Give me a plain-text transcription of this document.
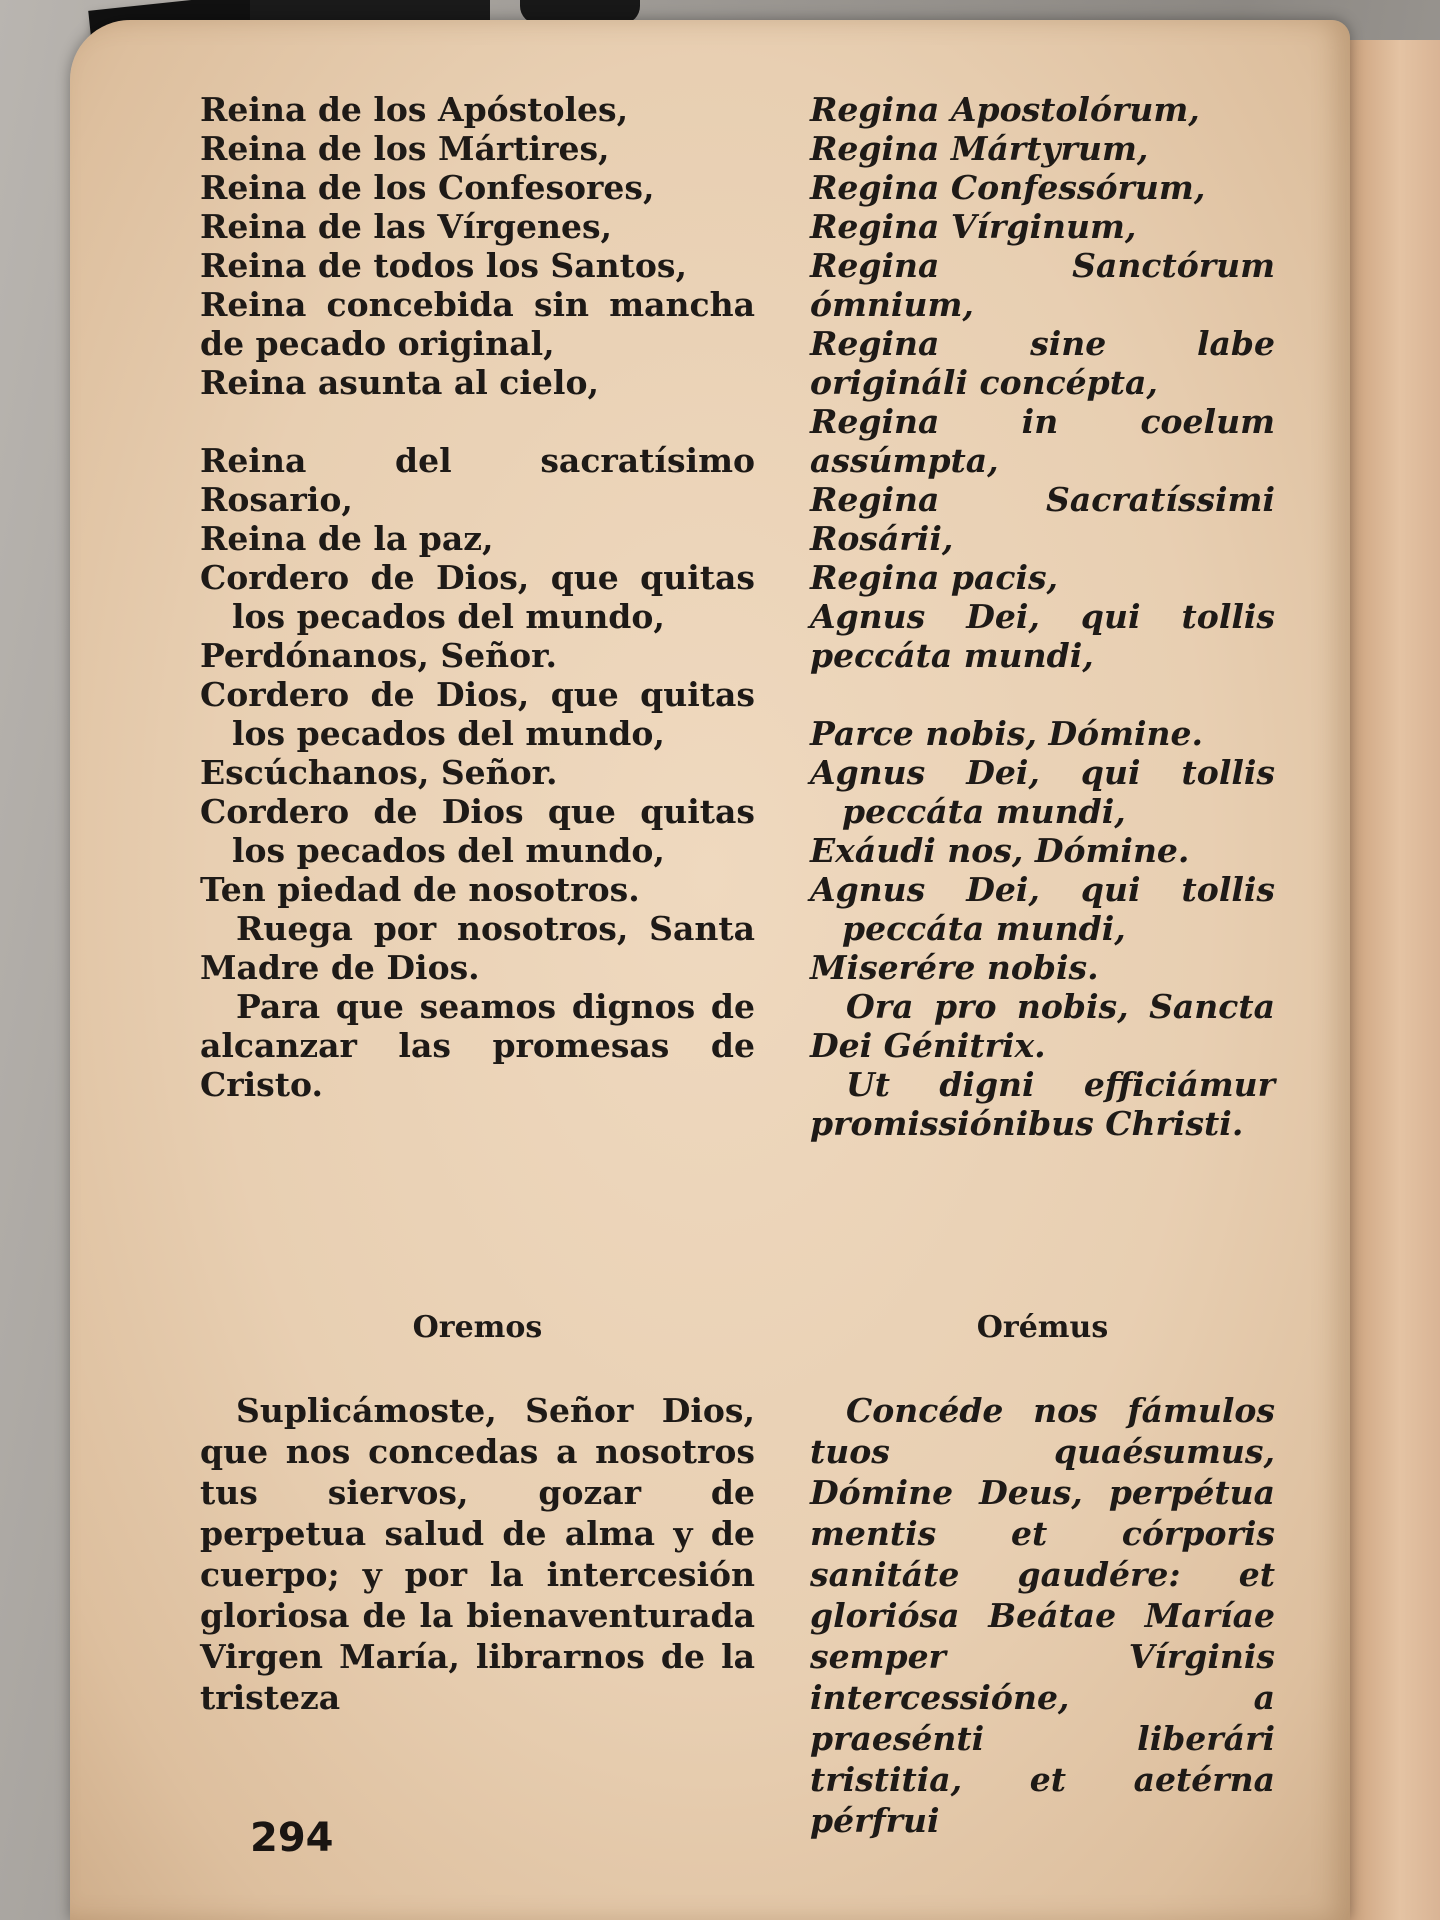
Reina de los Apóstoles,

Reina de los Mártires,

Reina de los Confesores,

Reina de las Vírgenes,

Reina de todos los Santos,

Reina concebida sin mancha de pecado original,

Reina asunta al cielo,

Reina del sacratísimo Rosario,

Reina de la paz,

Cordero de Dios, que quitas los pecados del mundo,

Perdónanos, Señor.

Cordero de Dios, que quitas los pecados del mundo,

Escúchanos, Señor.

Cordero de Dios que quitas los pecados del mundo,

Ten piedad de nosotros.

Ruega por nosotros, Santa Madre de Dios.

Para que seamos dignos de alcanzar las promesas de Cristo.

Regina Apostolórum,

Regina Mártyrum,

Regina Confessórum,

Regina Vírginum,

Regina Sanctórum ómnium,

Regina sine labe origináli concépta,

Regina in coelum assúmpta,

Regina Sacratíssimi Rosárii,

Regina pacis,

Agnus Dei, qui tollis peccáta mundi,

Parce nobis, Dómine.

Agnus Dei, qui tollis peccáta mundi,

Exáudi nos, Dómine.

Agnus Dei, qui tollis peccáta mundi,

Miserére nobis.

Ora pro nobis, Sancta Dei Génitrix.

Ut digni efficiámur promissiónibus Christi.

Oremos	Orémus

Suplicámoste, Señor Dios, que nos concedas a nosotros tus siervos, gozar de perpetua salud de alma y de cuerpo; y por la intercesión gloriosa de la bienaventurada Virgen María, librarnos de la tristeza

Concéde nos fámulos tuos quaésumus, Dómine Deus, perpétua mentis et córporis sanitáte gaudére: et gloriósa Beátae Maríae semper Vírginis intercessióne, a praesénti liberári tristitia, et aetérna pérfrui

294
